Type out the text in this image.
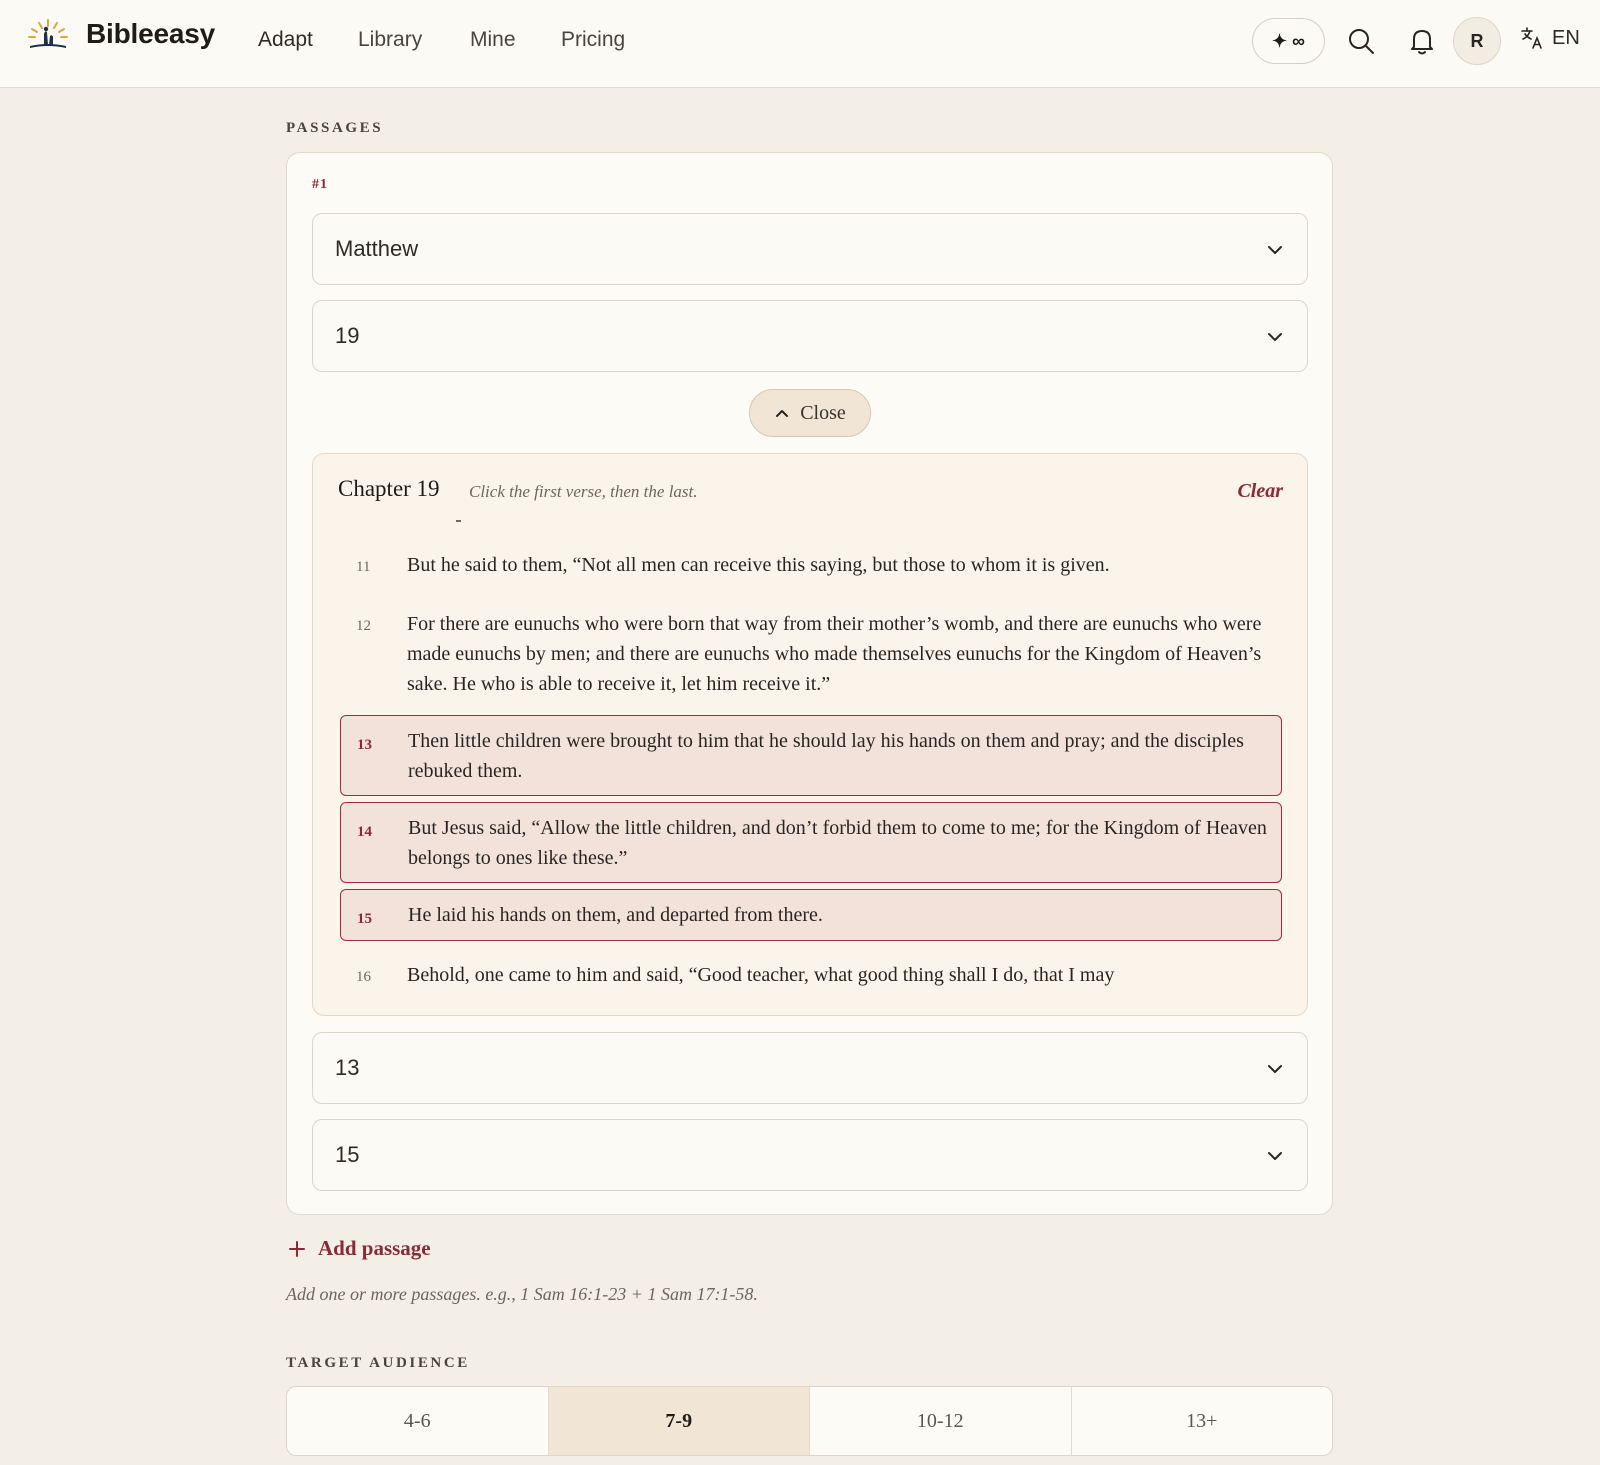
Bibleeasy Adapt Library Mine Pricing	✦ ∞	R	EN
PASSAGES
#1
Matthew
19
Close
Chapter 19 Click the first verse, then the last.	Clear
11 But he said to them, “Not all men can receive this saying, but those to whom it is given.
12 For there are eunuchs who were born that way from their mother’s womb, and there are eunuchs who were made eunuchs by men; and there are eunuchs who made themselves eunuchs for the Kingdom of Heaven’s sake. He who is able to receive it, let him receive it.”
13 Then little children were brought to him that he should lay his hands on them and pray; and the disciples rebuked them.
14 But Jesus said, “Allow the little children, and don’t forbid them to come to me; for the Kingdom of Heaven belongs to ones like these.”
15 He laid his hands on them, and departed from there.
16 Behold, one came to him and said, “Good teacher, what good thing shall I do, that I may
13
15
Add passage
Add one or more passages. e.g., 1 Sam 16:1-23 + 1 Sam 17:1-58.
TARGET AUDIENCE
4-6	7-9	10-12	13+
